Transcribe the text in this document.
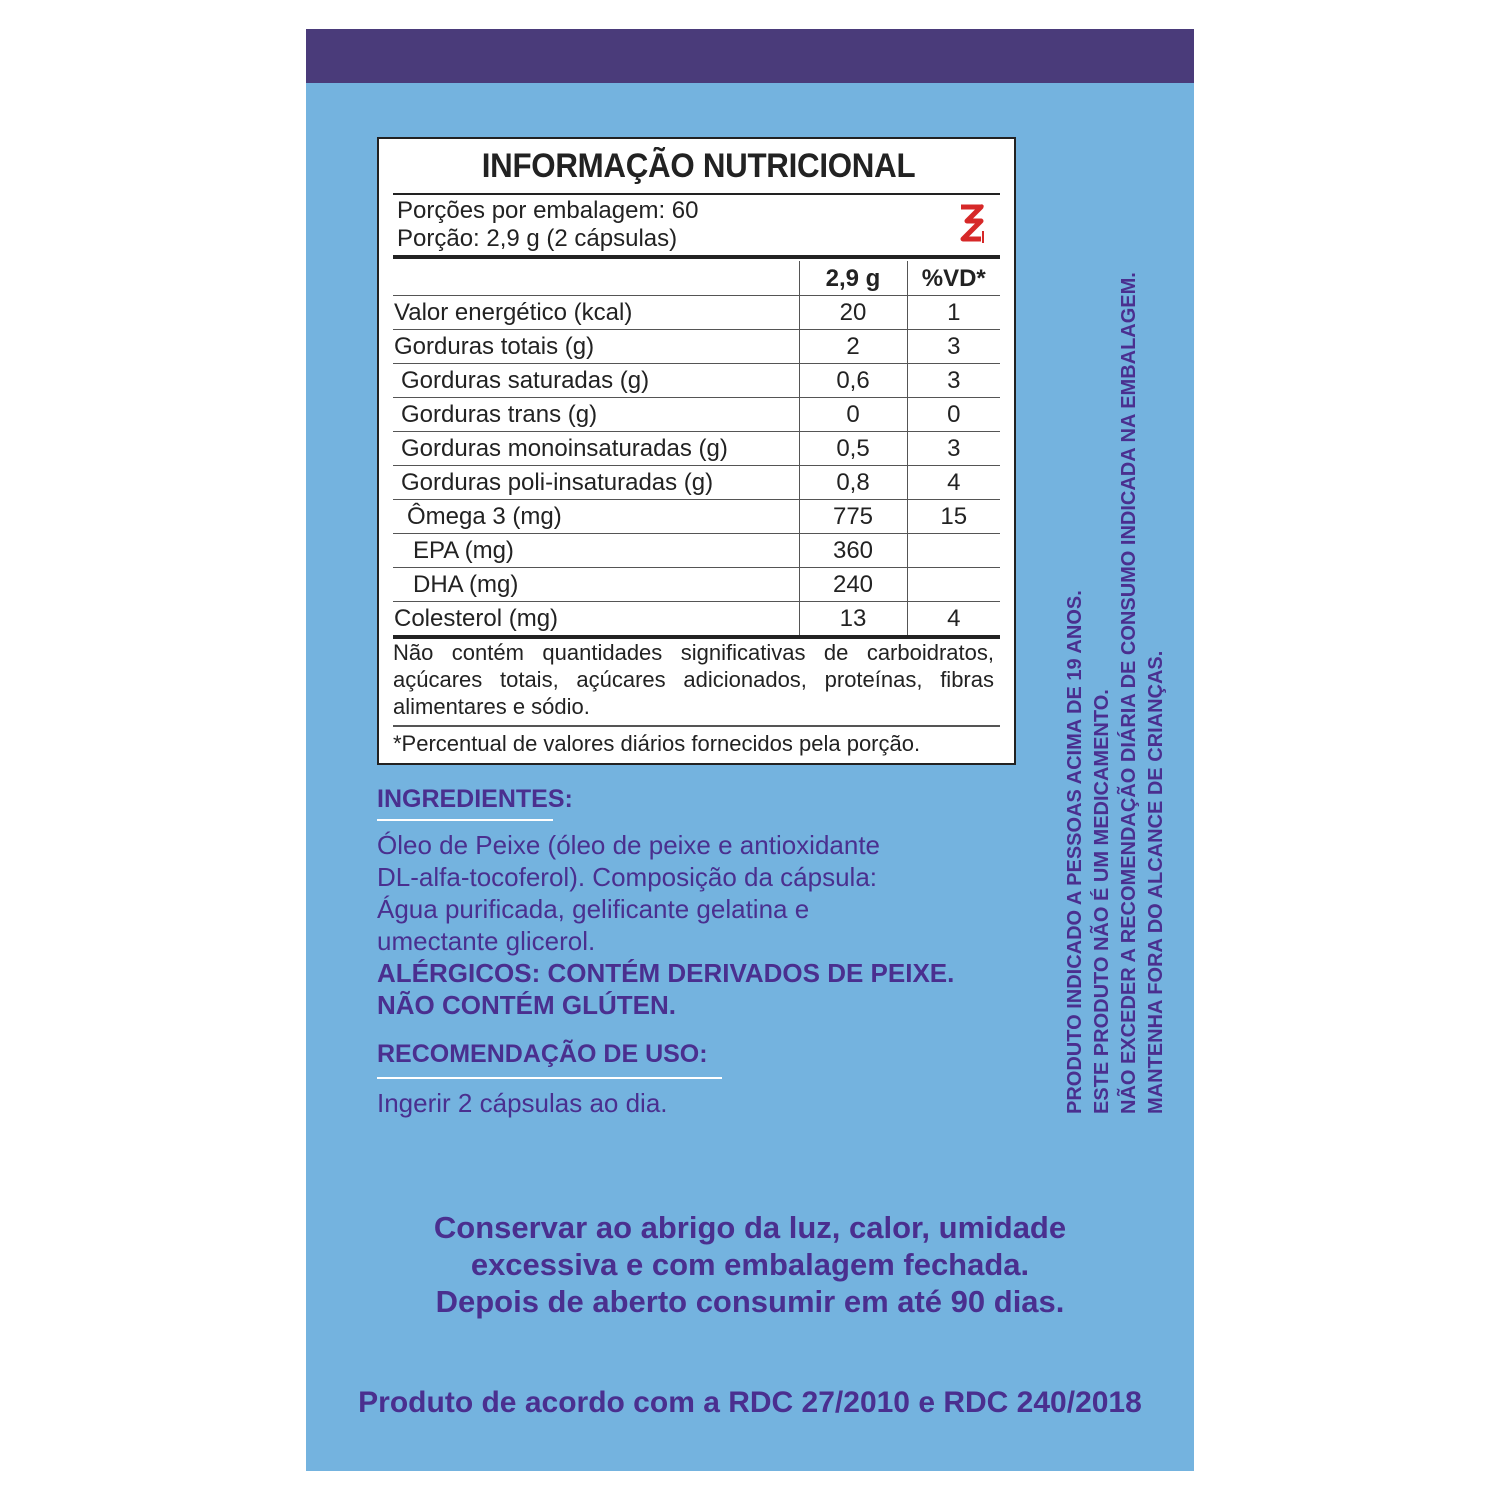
INFORMAÇÃO NUTRICIONAL
Porções por embalagem: 60
Porção: 2,9 g (2 cápsulas)
	2,9 g	%VD*
Valor energético (kcal)	20	1
Gorduras totais (g)	2	3
Gorduras saturadas (g)	0,6	3
Gorduras trans (g)	0	0
Gorduras monoinsaturadas (g)	0,5	3
Gorduras poli-insaturadas (g)	0,8	4
Ômega 3 (mg)	775	15
EPA (mg)	360	
DHA (mg)	240	
Colesterol (mg)	13	4
Não contém quantidades significativas de carboidratos, açúcares totais, açúcares adicionados, proteínas, fibras alimentares e sódio.
*Percentual de valores diários fornecidos pela porção.
INGREDIENTES:
Óleo de Peixe (óleo de peixe e antioxidante
DL-alfa-tocoferol). Composição da cápsula:
Água purificada, gelificante gelatina e
umectante glicerol.
ALÉRGICOS: CONTÉM DERIVADOS DE PEIXE.
NÃO CONTÉM GLÚTEN.
RECOMENDAÇÃO DE USO:
Ingerir 2 cápsulas ao dia.	PRODUTO INDICADO A PESSOAS ACIMA DE 19 ANOS. ESTE PRODUTO NÃO É UM MEDICAMENTO. NÃO EXCEDER A RECOMENDAÇÃO DIÁRIA DE CONSUMO INDICADA NA EMBALAGEM. MANTENHA FORA DO ALCANCE DE CRIANÇAS.
Conservar ao abrigo da luz, calor, umidade
excessiva e com embalagem fechada.
Depois de aberto consumir em até 90 dias.
Produto de acordo com a RDC 27/2010 e RDC 240/2018
